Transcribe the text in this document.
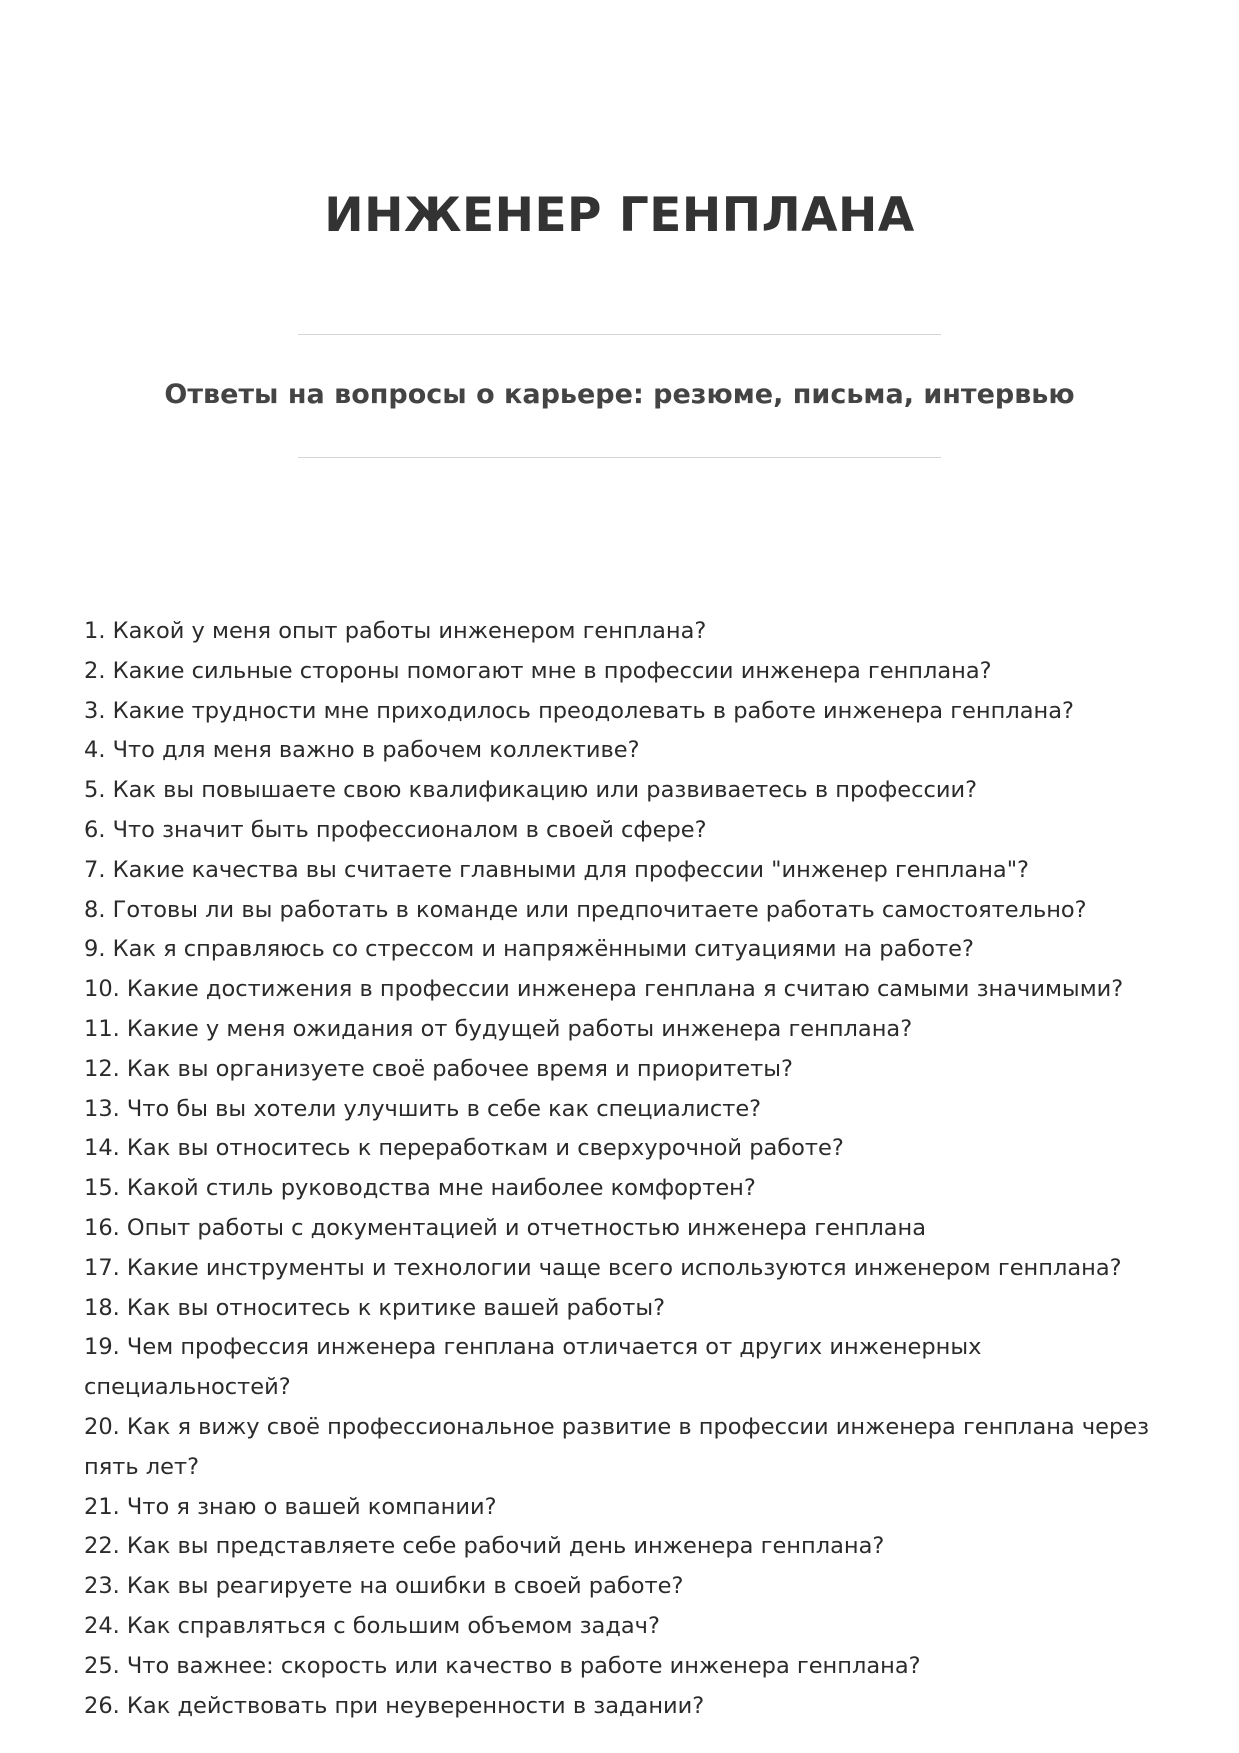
ИНЖЕНЕР ГЕНПЛАНА
Ответы на вопросы о карьере: резюме, письма, интервью
1. Какой у меня опыт работы инженером генплана?
2. Какие сильные стороны помогают мне в профессии инженера генплана?
3. Какие трудности мне приходилось преодолевать в работе инженера генплана?
4. Что для меня важно в рабочем коллективе?
5. Как вы повышаете свою квалификацию или развиваетесь в профессии?
6. Что значит быть профессионалом в своей сфере?
7. Какие качества вы считаете главными для профессии "инженер генплана"?
8. Готовы ли вы работать в команде или предпочитаете работать самостоятельно?
9. Как я справляюсь со стрессом и напряжёнными ситуациями на работе?
10. Какие достижения в профессии инженера генплана я считаю самыми значимыми?
11. Какие у меня ожидания от будущей работы инженера генплана?
12. Как вы организуете своё рабочее время и приоритеты?
13. Что бы вы хотели улучшить в себе как специалисте?
14. Как вы относитесь к переработкам и сверхурочной работе?
15. Какой стиль руководства мне наиболее комфортен?
16. Опыт работы с документацией и отчетностью инженера генплана
17. Какие инструменты и технологии чаще всего используются инженером генплана?
18. Как вы относитесь к критике вашей работы?
19. Чем профессия инженера генплана отличается от других инженерных специальностей?
20. Как я вижу своё профессиональное развитие в профессии инженера генплана через пять лет?
21. Что я знаю о вашей компании?
22. Как вы представляете себе рабочий день инженера генплана?
23. Как вы реагируете на ошибки в своей работе?
24. Как справляться с большим объемом задач?
25. Что важнее: скорость или качество в работе инженера генплана?
26. Как действовать при неуверенности в задании?
